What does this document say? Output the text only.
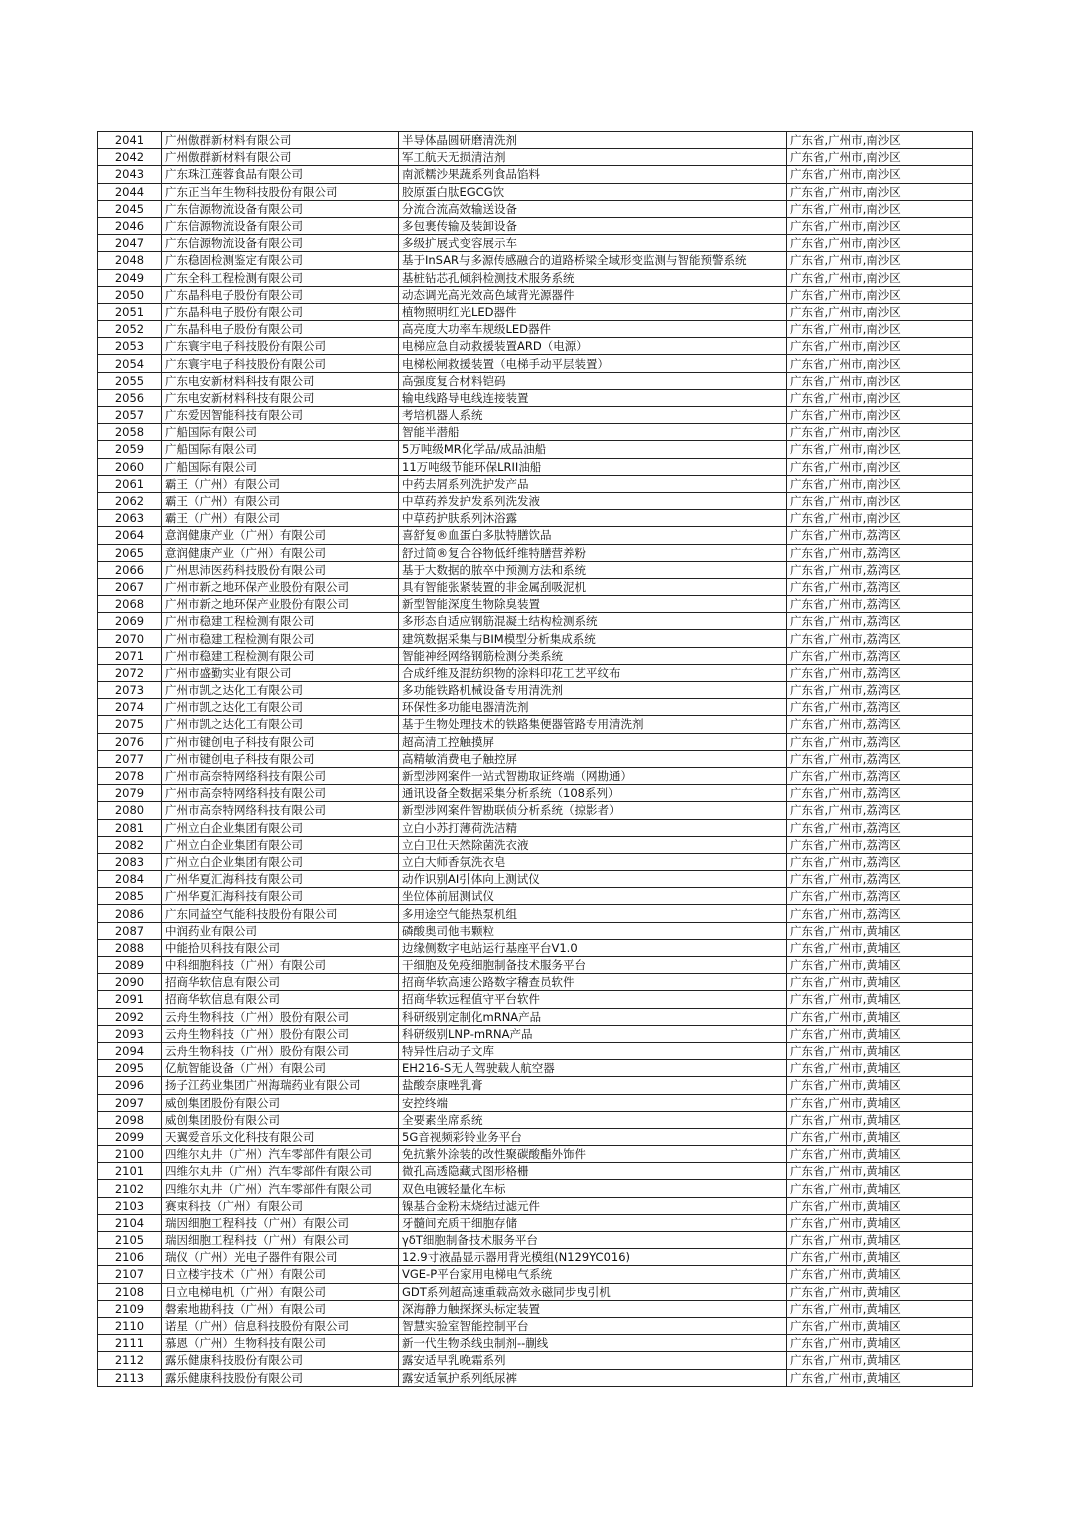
2041	广州傲群新材料有限公司	半导体晶圆研磨清洗剂	广东省,广州市,南沙区
2042	广州傲群新材料有限公司	军工航天无损清洁剂	广东省,广州市,南沙区
2043	广东珠江莲蓉食品有限公司	南派糯沙果蔬系列食品馅料	广东省,广州市,南沙区
2044	广东正当年生物科技股份有限公司	胶原蛋白肽EGCG饮	广东省,广州市,南沙区
2045	广东信源物流设备有限公司	分流合流高效输送设备	广东省,广州市,南沙区
2046	广东信源物流设备有限公司	多包裹传输及装卸设备	广东省,广州市,南沙区
2047	广东信源物流设备有限公司	多级扩展式变容展示车	广东省,广州市,南沙区
2048	广东稳固检测鉴定有限公司	基于InSAR与多源传感融合的道路桥梁全域形变监测与智能预警系统	广东省,广州市,南沙区
2049	广东全科工程检测有限公司	基桩钻芯孔倾斜检测技术服务系统	广东省,广州市,南沙区
2050	广东晶科电子股份有限公司	动态调光高光效高色域背光源器件	广东省,广州市,南沙区
2051	广东晶科电子股份有限公司	植物照明红光LED器件	广东省,广州市,南沙区
2052	广东晶科电子股份有限公司	高亮度大功率车规级LED器件	广东省,广州市,南沙区
2053	广东寰宇电子科技股份有限公司	电梯应急自动救援装置ARD（电源）	广东省,广州市,南沙区
2054	广东寰宇电子科技股份有限公司	电梯松闸救援装置（电梯手动平层装置）	广东省,广州市,南沙区
2055	广东电安新材料科技有限公司	高强度复合材料铠码	广东省,广州市,南沙区
2056	广东电安新材料科技有限公司	输电线路导电线连接装置	广东省,广州市,南沙区
2057	广东爱因智能科技有限公司	考培机器人系统	广东省,广州市,南沙区
2058	广船国际有限公司	智能半潜船	广东省,广州市,南沙区
2059	广船国际有限公司	5万吨级MR化学品/成品油船	广东省,广州市,南沙区
2060	广船国际有限公司	11万吨级节能环保LRII油船	广东省,广州市,南沙区
2061	霸王（广州）有限公司	中药去屑系列洗护发产品	广东省,广州市,南沙区
2062	霸王（广州）有限公司	中草药养发护发系列洗发液	广东省,广州市,南沙区
2063	霸王（广州）有限公司	中草药护肤系列沐浴露	广东省,广州市,南沙区
2064	意润健康产业（广州）有限公司	喜舒复®血蛋白多肽特膳饮品	广东省,广州市,荔湾区
2065	意润健康产业（广州）有限公司	舒过简®复合谷物低纤维特膳营养粉	广东省,广州市,荔湾区
2066	广州思沛医药科技股份有限公司	基于大数据的脓卒中预测方法和系统	广东省,广州市,荔湾区
2067	广州市新之地环保产业股份有限公司	具有智能张紧装置的非金属刮吸泥机	广东省,广州市,荔湾区
2068	广州市新之地环保产业股份有限公司	新型智能深度生物除臭装置	广东省,广州市,荔湾区
2069	广州市稳建工程检测有限公司	多形态自适应钢筋混凝土结构检测系统	广东省,广州市,荔湾区
2070	广州市稳建工程检测有限公司	建筑数据采集与BIM模型分析集成系统	广东省,广州市,荔湾区
2071	广州市稳建工程检测有限公司	智能神经网络钢筋检测分类系统	广东省,广州市,荔湾区
2072	广州市盛勤实业有限公司	合成纤维及混纺织物的涂料印花工艺平纹布	广东省,广州市,荔湾区
2073	广州市凯之达化工有限公司	多功能铁路机械设备专用清洗剂	广东省,广州市,荔湾区
2074	广州市凯之达化工有限公司	环保性多功能电器清洗剂	广东省,广州市,荔湾区
2075	广州市凯之达化工有限公司	基于生物处理技术的铁路集便器管路专用清洗剂	广东省,广州市,荔湾区
2076	广州市键创电子科技有限公司	超高清工控触摸屏	广东省,广州市,荔湾区
2077	广州市键创电子科技有限公司	高精敏消费电子触控屏	广东省,广州市,荔湾区
2078	广州市高奈特网络科技有限公司	新型涉网案件一站式智勘取证终端（网勘通）	广东省,广州市,荔湾区
2079	广州市高奈特网络科技有限公司	通讯设备全数据采集分析系统（108系列）	广东省,广州市,荔湾区
2080	广州市高奈特网络科技有限公司	新型涉网案件智勘联侦分析系统（掠影者）	广东省,广州市,荔湾区
2081	广州立白企业集团有限公司	立白小苏打薄荷洗洁精	广东省,广州市,荔湾区
2082	广州立白企业集团有限公司	立白卫仕天然除菌洗衣液	广东省,广州市,荔湾区
2083	广州立白企业集团有限公司	立白大师香氛洗衣皂	广东省,广州市,荔湾区
2084	广州华夏汇海科技有限公司	动作识别AI引体向上测试仪	广东省,广州市,荔湾区
2085	广州华夏汇海科技有限公司	坐位体前屈测试仪	广东省,广州市,荔湾区
2086	广东同益空气能科技股份有限公司	多用途空气能热泵机组	广东省,广州市,荔湾区
2087	中润药业有限公司	磷酸奥司他韦颗粒	广东省,广州市,黄埔区
2088	中能拾贝科技有限公司	边缘侧数字电站运行基座平台V1.0	广东省,广州市,黄埔区
2089	中科细胞科技（广州）有限公司	干细胞及免疫细胞制备技术服务平台	广东省,广州市,黄埔区
2090	招商华软信息有限公司	招商华软高速公路数字稽查员软件	广东省,广州市,黄埔区
2091	招商华软信息有限公司	招商华软远程值守平台软件	广东省,广州市,黄埔区
2092	云舟生物科技（广州）股份有限公司	科研级别定制化mRNA产品	广东省,广州市,黄埔区
2093	云舟生物科技（广州）股份有限公司	科研级别LNP-mRNA产品	广东省,广州市,黄埔区
2094	云舟生物科技（广州）股份有限公司	特异性启动子文库	广东省,广州市,黄埔区
2095	亿航智能设备（广州）有限公司	EH216-S无人驾驶载人航空器	广东省,广州市,黄埔区
2096	扬子江药业集团广州海瑞药业有限公司	盐酸奈康唑乳膏	广东省,广州市,黄埔区
2097	威创集团股份有限公司	安控终端	广东省,广州市,黄埔区
2098	威创集团股份有限公司	全要素坐席系统	广东省,广州市,黄埔区
2099	天翼爱音乐文化科技有限公司	5G音视频彩铃业务平台	广东省,广州市,黄埔区
2100	四维尔丸井（广州）汽车零部件有限公司	免抗紫外涂装的改性聚碳酸酯外饰件	广东省,广州市,黄埔区
2101	四维尔丸井（广州）汽车零部件有限公司	微孔高透隐藏式图形格栅	广东省,广州市,黄埔区
2102	四维尔丸井（广州）汽车零部件有限公司	双色电镀轻量化车标	广东省,广州市,黄埔区
2103	赛束科技（广州）有限公司	镍基合金粉末烧结过滤元件	广东省,广州市,黄埔区
2104	瑞因细胞工程科技（广州）有限公司	牙髓间充质干细胞存储	广东省,广州市,黄埔区
2105	瑞因细胞工程科技（广州）有限公司	γδT细胞制备技术服务平台	广东省,广州市,黄埔区
2106	瑞仪（广州）光电子器件有限公司	12.9寸液晶显示器用背光模组(N129YC016)	广东省,广州市,黄埔区
2107	日立楼宇技术（广州）有限公司	VGE-P平台家用电梯电气系统	广东省,广州市,黄埔区
2108	日立电梯电机（广州）有限公司	GDT系列超高速重载高效永磁同步曳引机	广东省,广州市,黄埔区
2109	磐索地勘科技（广州）有限公司	深海静力触探探头标定装置	广东省,广州市,黄埔区
2110	诺星（广州）信息科技股份有限公司	智慧实验室智能控制平台	广东省,广州市,黄埔区
2111	慕恩（广州）生物科技有限公司	新一代生物杀线虫制剂--蒯线	广东省,广州市,黄埔区
2112	露乐健康科技股份有限公司	露安适早乳晚霜系列	广东省,广州市,黄埔区
2113	露乐健康科技股份有限公司	露安适氧护系列纸尿裤	广东省,广州市,黄埔区
